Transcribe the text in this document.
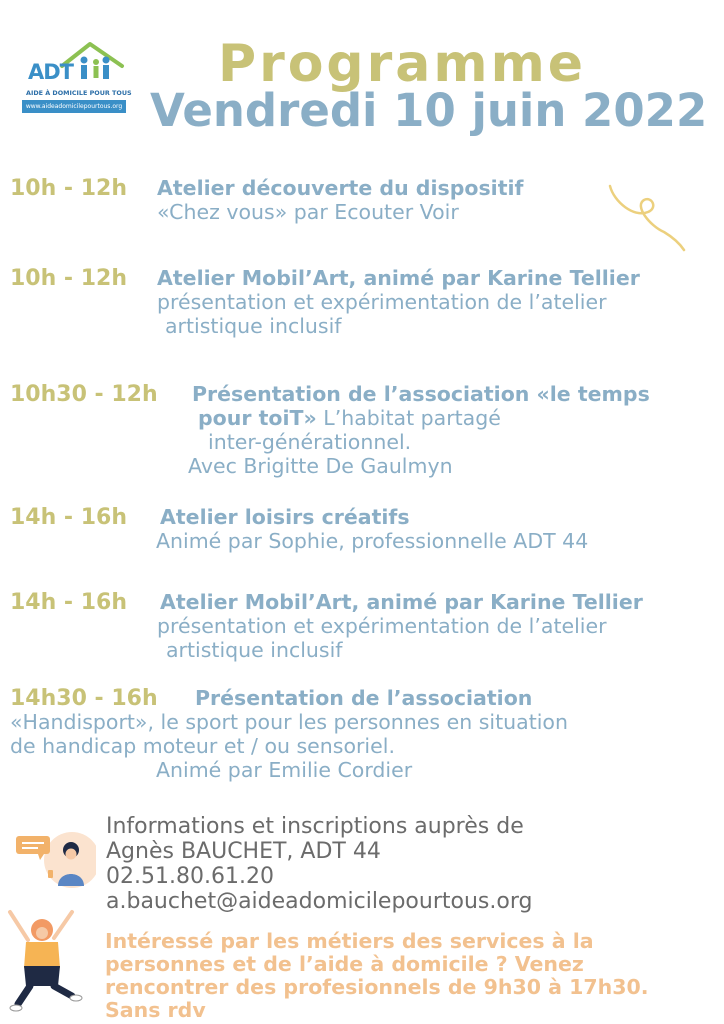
ADT
AIDE À DOMICILE POUR TOUS
www.aideadomicilepourtous.org
Programme
Vendredi 10 juin 2022
10h - 12h Atelier découverte du dispositif
«Chez vous» par Ecouter Voir
10h - 12h Atelier Mobil’Art, animé par Karine Tellier
présentation et expérimentation de l’atelier
artistique inclusif
10h30 - 12h Présentation de l’association «le temps
pour toiT» L’habitat partagé
inter-générationnel.
Avec Brigitte De Gaulmyn
14h - 16h Atelier loisirs créatifs
Animé par Sophie, professionnelle ADT 44
14h - 16h Atelier Mobil’Art, animé par Karine Tellier
présentation et expérimentation de l’atelier
artistique inclusif
14h30 - 16h Présentation de l’association
«Handisport», le sport pour les personnes en situation
de handicap moteur et / ou sensoriel.
Animé par Emilie Cordier
Informations et inscriptions auprès de
Agnès BAUCHET, ADT 44
02.51.80.61.20
a.bauchet@aideadomicilepourtous.org
Intéressé par les métiers des services à la
personnes et de l’aide à domicile ? Venez
rencontrer des profesionnels de 9h30 à 17h30.
Sans rdv
